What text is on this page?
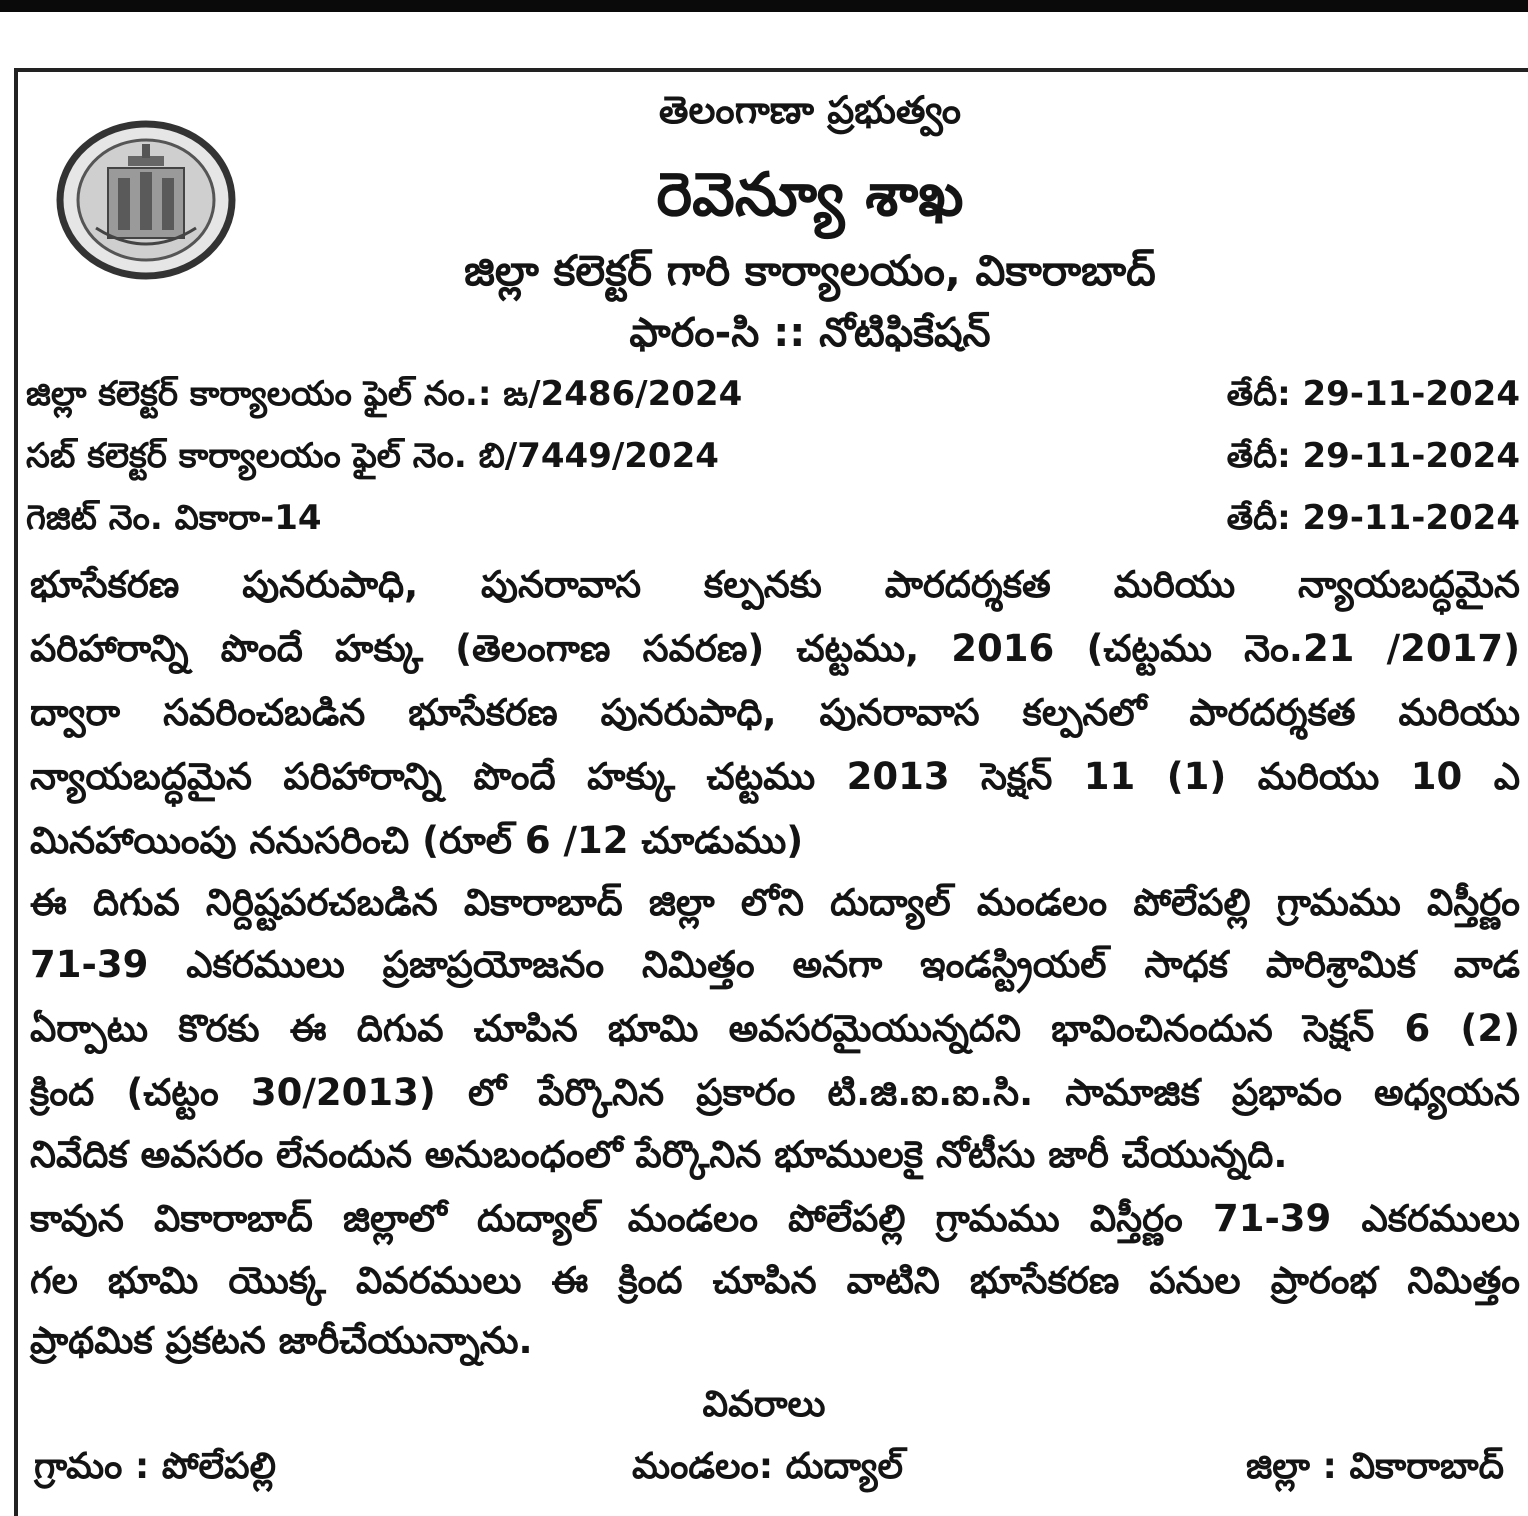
తెలంగాణా ప్రభుత్వం
రెవెన్యూ శాఖ
జిల్లా కలెక్టర్ గారి కార్యాలయం, వికారాబాద్
ఫారం-సి :: నోటిఫికేషన్
జిల్లా కలెక్టర్ కార్యాలయం ఫైల్ నం.: ఙ/2486/2024	తేదీ: 29-11-2024
సబ్ కలెక్టర్ కార్యాలయం ఫైల్ నెం. బి/7449/2024	తేదీ: 29-11-2024
గెజిట్ నెం. వికారా-14	తేదీ: 29-11-2024
భూసేకరణ పునరుపాధి, పునరావాస కల్పనకు పారదర్శకత మరియు న్యాయబద్ధమైన
పరిహారాన్ని పొందే హక్కు (తెలంగాణ సవరణ) చట్టము, 2016 (చట్టము నెం.21 /2017)
ద్వారా సవరించబడిన భూసేకరణ పునరుపాధి, పునరావాస కల్పనలో పారదర్శకత మరియు
న్యాయబద్ధమైన పరిహారాన్ని పొందే హక్కు చట్టము 2013 సెక్షన్ 11 (1) మరియు 10 ఎ
మినహాయింపు ననుసరించి (రూల్ 6 /12 చూడుము)
ఈ దిగువ నిర్దిష్టపరచబడిన వికారాబాద్ జిల్లా లోని దుద్యాల్ మండలం పోలేపల్లి గ్రామము విస్తీర్ణం
71-39 ఎకరములు ప్రజాప్రయోజనం నిమిత్తం అనగా ఇండస్ట్రియల్ సాధక పారిశ్రామిక వాడ
ఏర్పాటు కొరకు ఈ దిగువ చూపిన భూమి అవసరమైయున్నదని భావించినందున సెక్షన్ 6 (2)
క్రింద (చట్టం 30/2013) లో పేర్కొనిన ప్రకారం టి.జి.ఐ.ఐ.సి. సామాజిక ప్రభావం అధ్యయన
నివేదిక అవసరం లేనందున అనుబంధంలో పేర్కొనిన భూములకై నోటీసు జారీ చేయున్నది.
కావున వికారాబాద్ జిల్లాలో దుద్యాల్ మండలం పోలేపల్లి గ్రామము విస్తీర్ణం 71-39 ఎకరములు
గల భూమి యొక్క వివరములు ఈ క్రింద చూపిన వాటిని భూసేకరణ పనుల ప్రారంభ నిమిత్తం
ప్రాథమిక ప్రకటన జారీచేయున్నాను.
వివరాలు
గ్రామం : పోలేపల్లి	మండలం: దుద్యాల్	జిల్లా : వికారాబాద్
